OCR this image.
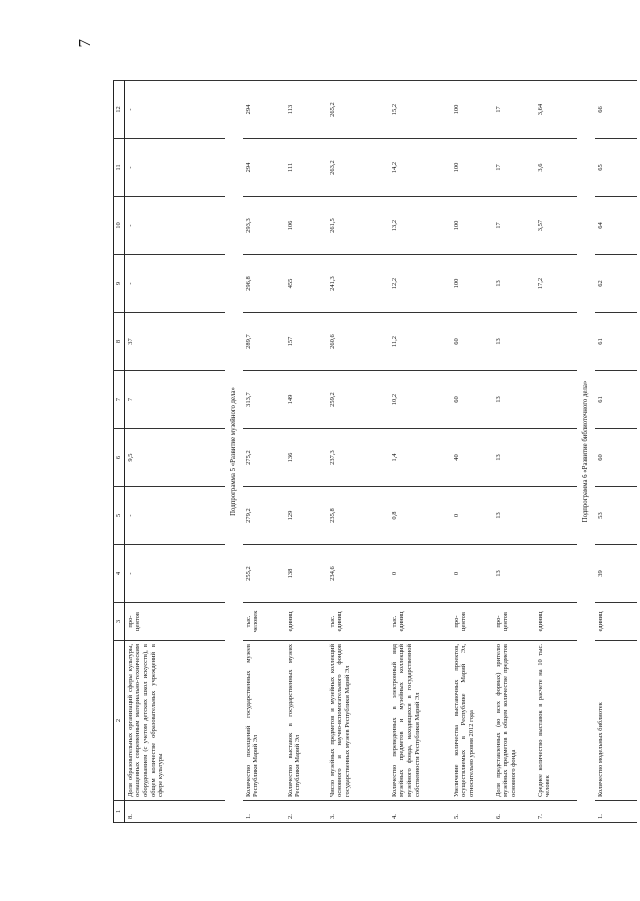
7
1	2	3	4	5	6	7	8	9	10	11	12
8.	Доля образовательных организаций сферы культуры, оснащенных современным материально-техническим оборудованием (с учетом детских школ искусств), в общем количестве образовательных учреждений в сфере культуры	про-центов	-	-	9,5	7	37	-	-	-	-
Подпрограмма 5 «Развитие музейного дела»											
1.	Количество посещений государственных музеев Республики Марий Эл	тыс. человек	255,2	279,2	275,2	313,7	289,7	296,8	293,3	294	294
2.	Количество выставок в государственных музеях Республики Марий Эл	единиц	138	129	136	149	157	455	106	111	113
3.	Число музейных предметов и музейных коллекций основного и научно-вспомогательного фондов государственных музеев Республики Марий Эл	тыс. единиц	234,6	235,8	237,3	259,2	260,6	241,3	261,5	263,2	265,2
4.	Количество переведенных в электронный вид музейных предметов и музейных коллекций музейного фонда, находящихся в государственной собственности Республики Марий Эл	тыс. единиц	0	0,8	1,4	10,2	11,2	12,2	13,2	14,2	15,2
5.	Увеличение количества выставочных проектов, осуществляемых в Республике Марий Эл, относительно уровня 2012 года	про-центов	0	0	40	60	60	100	100	100	100
6.	Доля представленных (во всех формах) зрителю музейных предметов в общем количестве предметов основного фонда	про-центов	13	13	13	13	13	13	17	17	17
7.	Среднее количество выставок в расчете на 10 тыс. человек	единиц						17,2	3,57	3,6	3,64
Подпрограмма 6 «Развитие библиотечного дела»											
1.	Количество модельных библиотек	единиц	39	53	60	61	61	62	64	65	66
